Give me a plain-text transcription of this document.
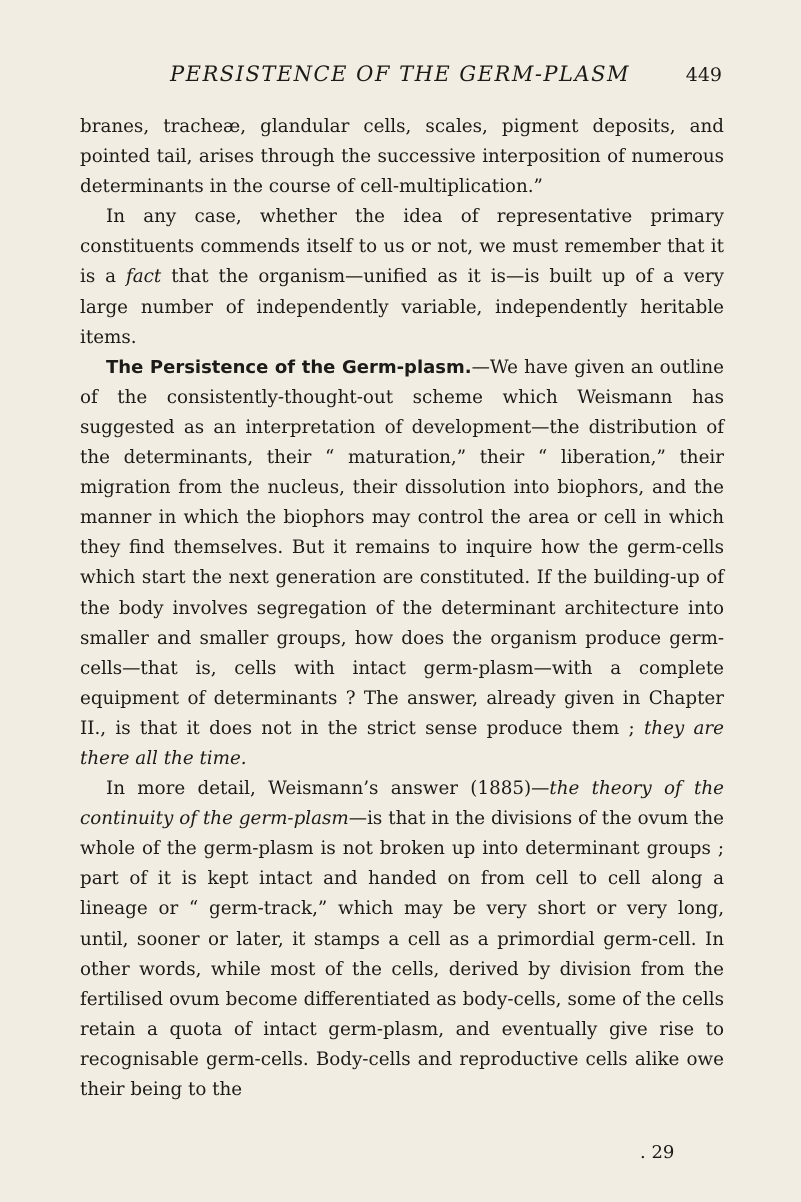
PERSISTENCE OF THE GERM-PLASM	449

branes, tracheæ, glandular cells, scales, pigment deposits, and pointed tail, arises through the successive interposition of numerous determinants in the course of cell-multiplication.”

In any case, whether the idea of representative primary constituents commends itself to us or not, we must remember that it is a fact that the organism—unified as it is—is built up of a very large number of independently variable, independently heritable items.

The Persistence of the Germ-plasm.—We have given an outline of the consistently-thought-out scheme which Weismann has suggested as an interpretation of development—the distribution of the determinants, their “ maturation,” their “ liberation,” their migration from the nucleus, their dissolution into biophors, and the manner in which the biophors may control the area or cell in which they find themselves. But it remains to inquire how the germ-cells which start the next generation are constituted. If the building-up of the body involves segregation of the determinant architecture into smaller and smaller groups, how does the organism produce germ-cells—that is, cells with intact germ-plasm—with a complete equipment of determinants ? The answer, already given in Chapter II., is that it does not in the strict sense produce them ; they are there all the time.

In more detail, Weismann’s answer (1885)—the theory of the continuity of the germ-plasm—is that in the divisions of the ovum the whole of the germ-plasm is not broken up into determinant groups ; part of it is kept intact and handed on from cell to cell along a lineage or “ germ-track,” which may be very short or very long, until, sooner or later, it stamps a cell as a primordial germ-cell. In other words, while most of the cells, derived by division from the fertilised ovum become differentiated as body-cells, some of the cells retain a quota of intact germ-plasm, and eventually give rise to recognisable germ-cells. Body-cells and reproductive cells alike owe their being to the

. 29
